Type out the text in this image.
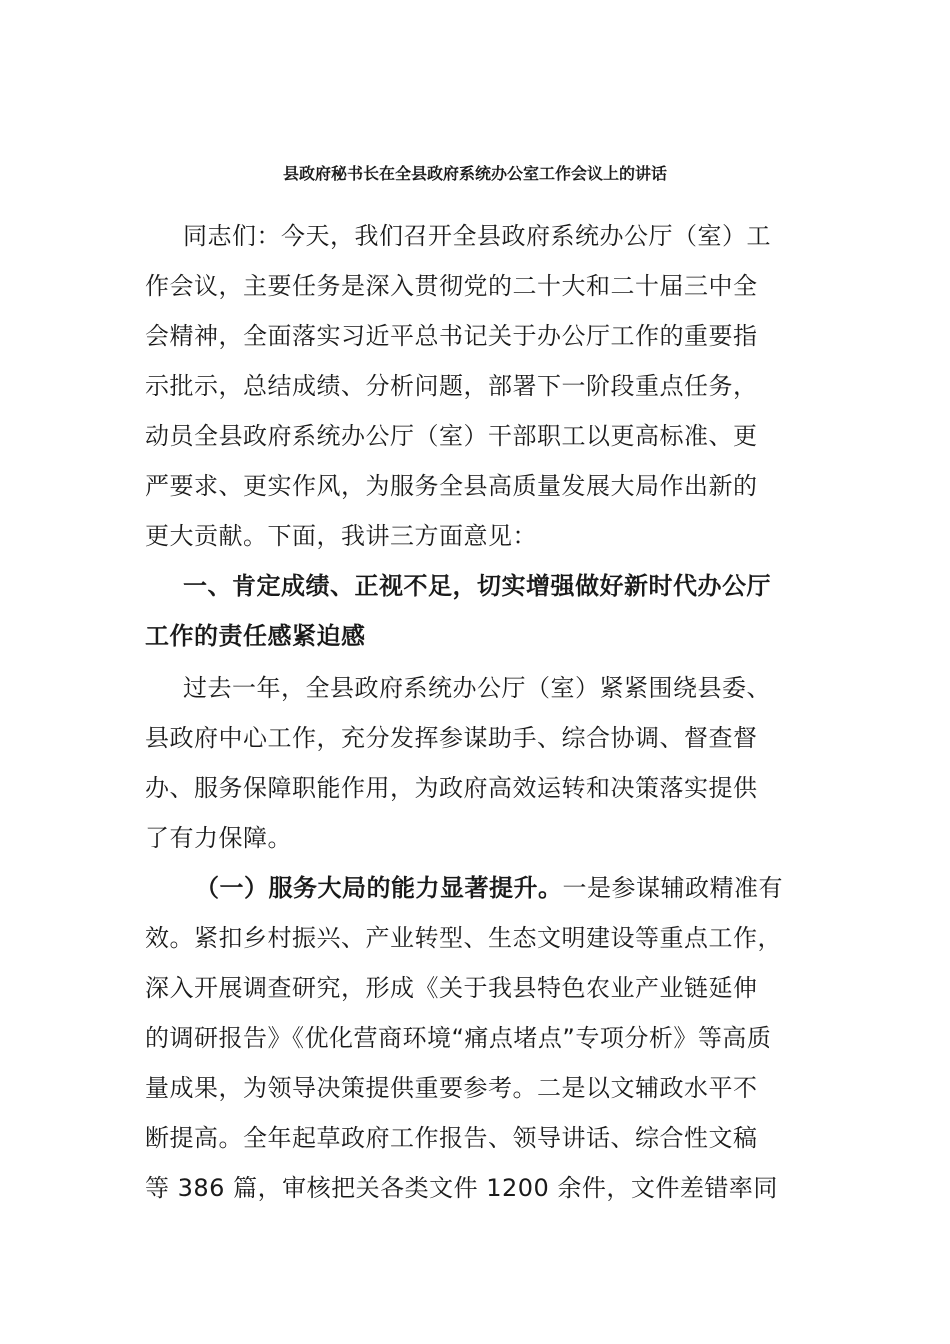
县政府秘书长在全县政府系统办公室工作会议上的讲话
同志们：今天，我们召开全县政府系统办公厅（室）工
作会议，主要任务是深入贯彻党的二十大和二十届三中全
会精神，全面落实习近平总书记关于办公厅工作的重要指
示批示，总结成绩、分析问题，部署下一阶段重点任务，
动员全县政府系统办公厅（室）干部职工以更高标准、更
严要求、更实作风，为服务全县高质量发展大局作出新的
更大贡献。下面，我讲三方面意见：
一、肯定成绩、正视不足，切实增强做好新时代办公厅
工作的责任感紧迫感
过去一年，全县政府系统办公厅（室）紧紧围绕县委、
县政府中心工作，充分发挥参谋助手、综合协调、督查督
办、服务保障职能作用，为政府高效运转和决策落实提供
了有力保障。
（一）服务大局的能力显著提升。一是参谋辅政精准有
效。紧扣乡村振兴、产业转型、生态文明建设等重点工作，
深入开展调查研究，形成《关于我县特色农业产业链延伸
的调研报告》《优化营商环境“痛点堵点”专项分析》等高质
量成果，为领导决策提供重要参考。二是以文辅政水平不
断提高。全年起草政府工作报告、领导讲话、综合性文稿
等 386 篇，审核把关各类文件 1200 余件，文件差错率同
